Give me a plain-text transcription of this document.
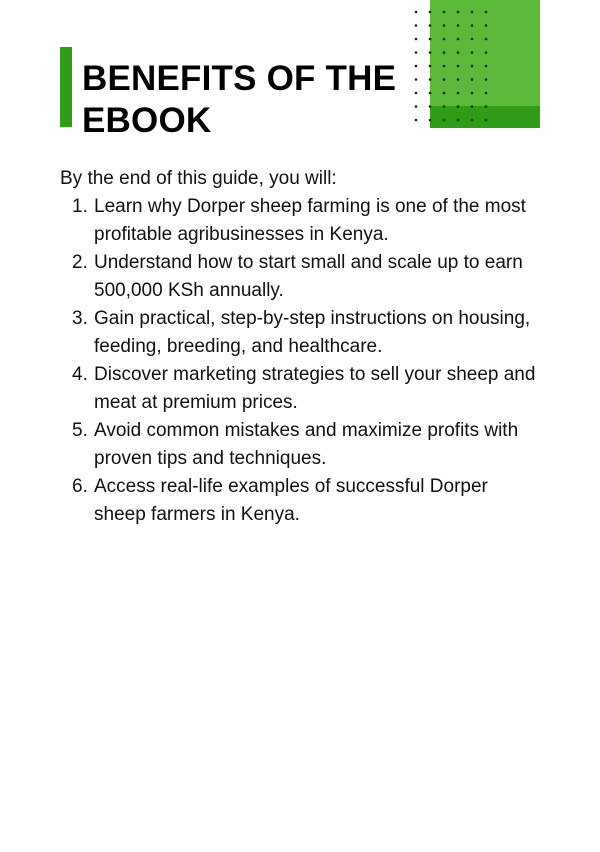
BENEFITS OF THE EBOOK

By the end of this guide, you will:

1. Learn why Dorper sheep farming is one of the most profitable agribusinesses in Kenya.
2. Understand how to start small and scale up to earn 500,000 KSh annually.
3. Gain practical, step-by-step instructions on housing, feeding, breeding, and healthcare.
4. Discover marketing strategies to sell your sheep and meat at premium prices.
5. Avoid common mistakes and maximize profits with proven tips and techniques.
6. Access real-life examples of successful Dorper sheep farmers in Kenya.
